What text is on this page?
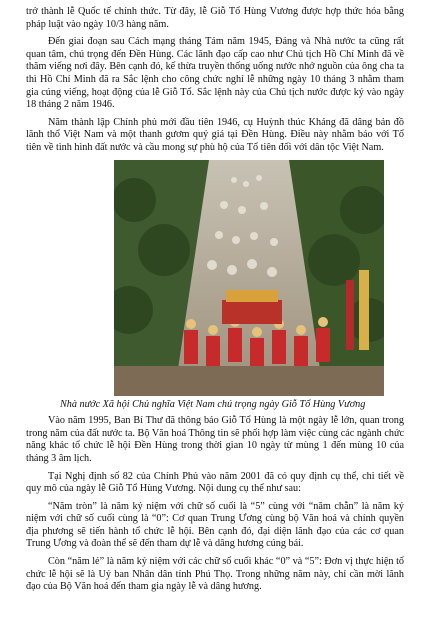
trở thành lễ Quốc tế chính thức. Từ đây, lễ Giỗ Tổ Hùng Vương được hợp thức hóa bằng pháp luật vào ngày 10/3 hàng năm.

Đến giai đoạn sau Cách mạng tháng Tám năm 1945, Đảng và Nhà nước ta cũng rất quan tâm, chú trọng đến Đền Hùng. Các lãnh đạo cấp cao như Chủ tịch Hồ Chí Minh đã về thăm viếng nơi đây. Bên cạnh đó, kế thừa truyền thống uống nước nhớ nguồn của ông cha ta thì Hồ Chí Minh đã ra Sắc lệnh cho công chức nghỉ lễ những ngày 10 tháng 3 nhằm tham gia cúng viếng, hoạt động của lễ Giỗ Tổ. Sắc lệnh này của Chủ tịch nước được ký vào ngày 18 tháng 2 năm 1946.

Năm thành lập Chính phủ mới đầu tiên 1946, cụ Huỳnh thúc Kháng đã dâng bản đồ lãnh thổ Việt Nam và một thanh gươm quý giá tại Đền Hùng. Điều này nhằm báo với Tổ tiên về tình hình đất nước và cầu mong sự phù hộ của Tổ tiên đối với dân tộc Việt Nam.

Nhà nước Xã hội Chủ nghĩa Việt Nam chú trọng ngày Giỗ Tổ Hùng Vương

Vào năm 1995, Ban Bí Thư đã thông báo Giỗ Tổ Hùng là một ngày lễ lớn, quan trong trong năm của đất nước ta. Bộ Văn hoá Thông tin sẽ phối hợp làm việc cùng các ngành chức năng khác tổ chức lễ hội Đền Hùng trong thời gian 10 ngày từ mùng 1 đến mùng 10 của tháng 3 âm lịch.

Tại Nghị định số 82 của Chính Phủ vào năm 2001 đã có quy định cụ thể, chi tiết về quy mô của ngày lễ Giỗ Tổ Hùng Vương. Nội dung cụ thể như sau:

“Năm tròn” là năm kỷ niệm với chữ số cuối là “5” cùng với “năm chẵn” là năm kỷ niệm với chữ số cuối cùng là “0”: Cơ quan Trung Ương cùng bộ Văn hoá và chính quyền địa phương sẽ tiến hành tổ chức lễ hội. Bên cạnh đó, đại diện lãnh đạo của các cơ quan Trung Ương và đoàn thể sẽ đến tham dự lễ và dâng hương cúng bái.

Còn “năm lẻ” là năm kỷ niệm với các chữ số cuối khác “0” và “5”: Đơn vị thực hiện tổ chức lễ hội sẽ là Uỷ ban Nhân dân tỉnh Phú Thọ. Trong những năm này, chỉ cần mời lãnh đạo của Bộ Văn hoá đến tham gia ngày lễ và dâng hương.
